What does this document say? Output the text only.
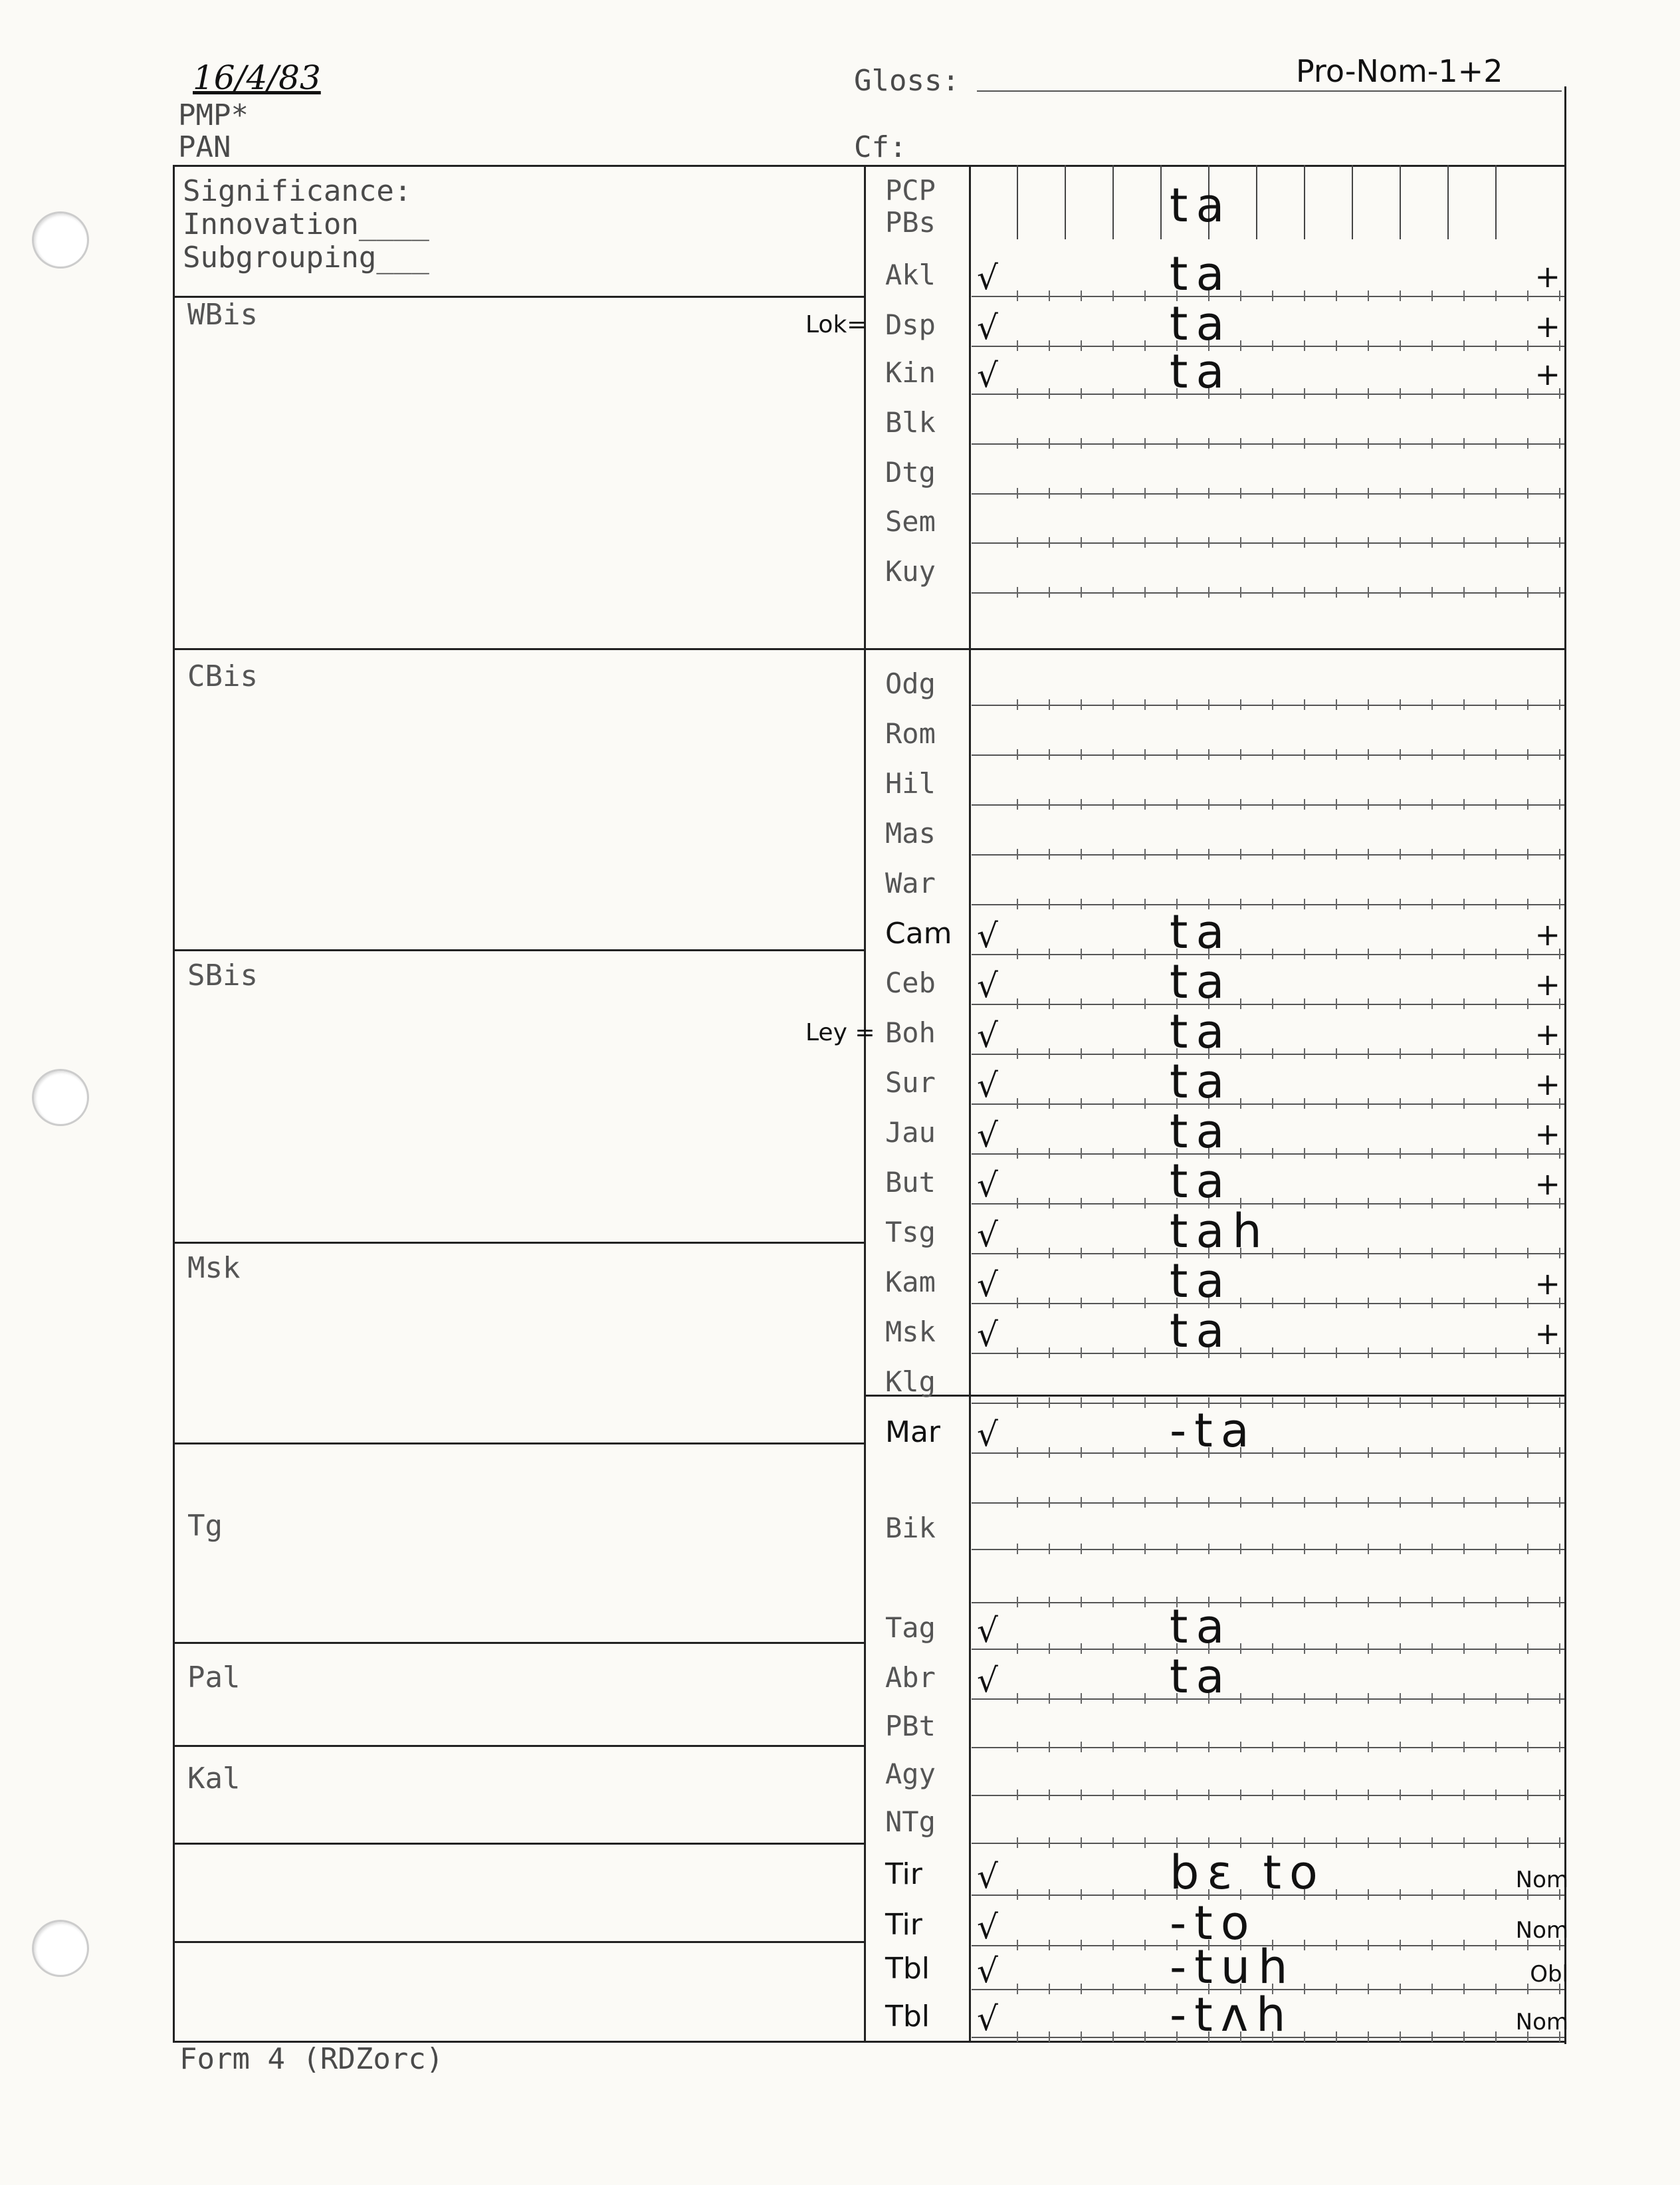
16/4/83
PMP*
PAN
Gloss:	Pro-Nom-1+2
Cf:
Significance:
Innovation____
Subgrouping___
WBis
CBis
SBis
Msk
Tg
Pal
Kal
PCP
PBs	ta
Akl √	ta	+
Dsp √	ta	+
Lok=
Kin √	ta	+
Blk
Dtg
Sem
Kuy
Odg
Rom
Hil
Mas
War
Cam √	ta	+
Ceb √	ta	+
Boh √	ta	+
Ley =
Sur √	ta	+
Jau √	ta	+
But √	ta	+
Tsg √	tah
Kam √	ta	+
Msk √	ta	+
Klg
Mar √	-ta
Bik
Tag √	ta
Abr √	ta
PBt
Agy
NTg
Tir √	bε to	Nom
Tir √	-to	Nom
Tbl √	-tuh	Obl
Tbl √	-tʌh	Nom
Form 4 (RDZorc)
